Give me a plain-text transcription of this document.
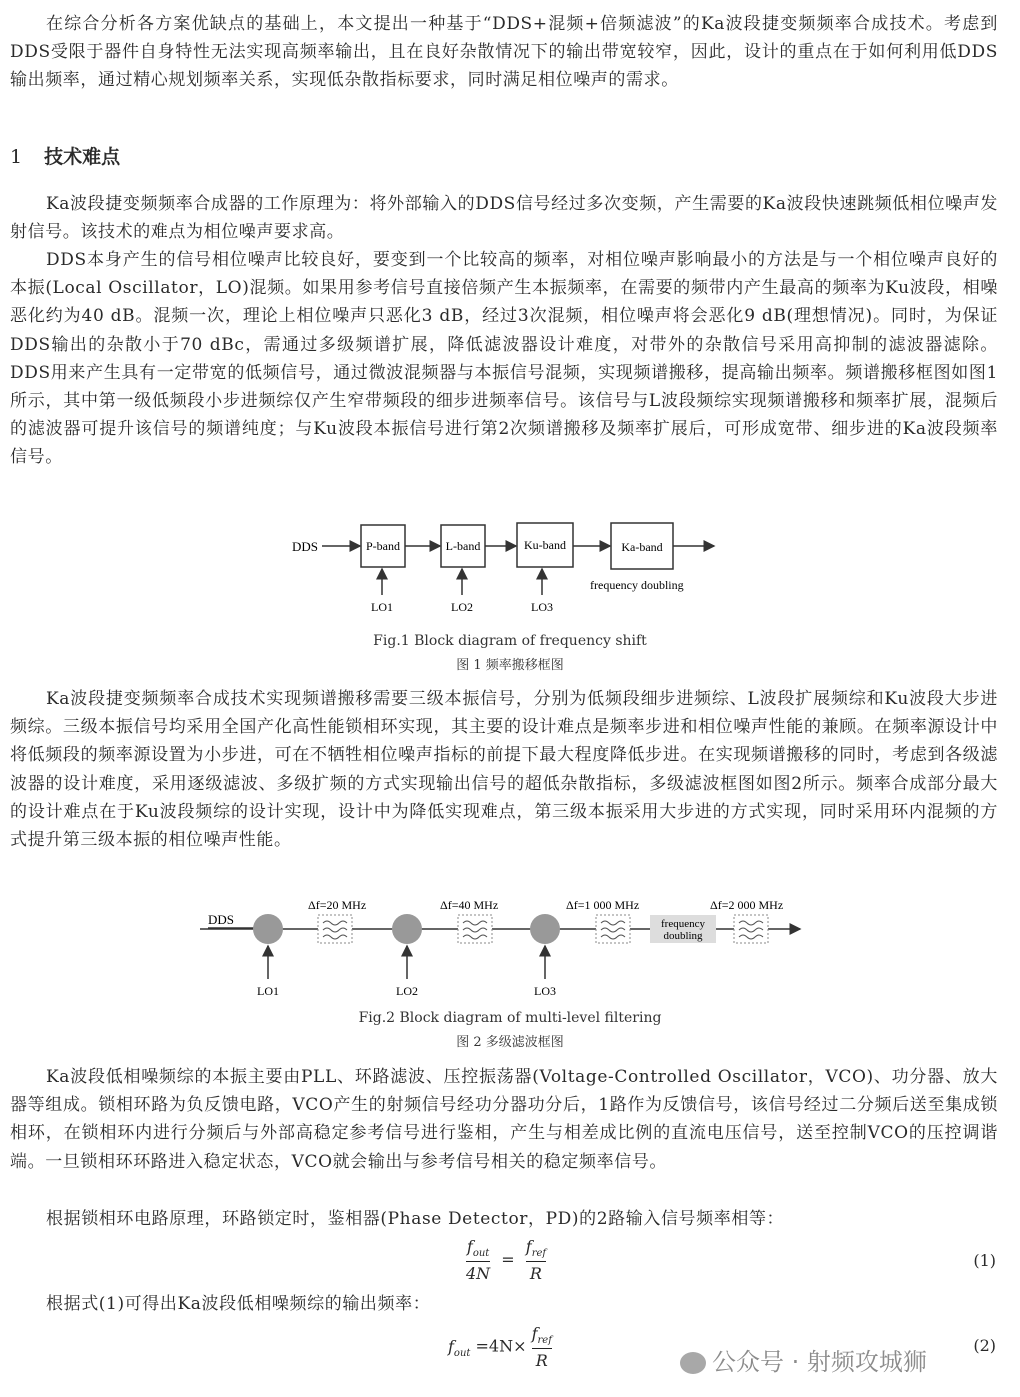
在综合分析各方案优缺点的基础上，本文提出一种基于“DDS+混频+倍频滤波”的Ka波段捷变频频率合成技术。考虑到DDS受限于器件自身特性无法实现高频率输出，且在良好杂散情况下的输出带宽较窄，因此，设计的重点在于如何利用低DDS输出频率，通过精心规划频率关系，实现低杂散指标要求，同时满足相位噪声的需求。

1 技术难点

Ka波段捷变频频率合成器的工作原理为：将外部输入的DDS信号经过多次变频，产生需要的Ka波段快速跳频低相位噪声发射信号。该技术的难点为相位噪声要求高。

DDS本身产生的信号相位噪声比较良好，要变到一个比较高的频率，对相位噪声影响最小的方法是与一个相位噪声良好的本振(Local Oscillator，LO)混频。如果用参考信号直接倍频产生本振频率，在需要的频带内产生最高的频率为Ku波段，相噪恶化约为40 dB。混频一次，理论上相位噪声只恶化3 dB，经过3次混频，相位噪声将会恶化9 dB(理想情况)。同时，为保证DDS输出的杂散小于70 dBc，需通过多级频谱扩展，降低滤波器设计难度，对带外的杂散信号采用高抑制的滤波器滤除。DDS用来产生具有一定带宽的低频信号，通过微波混频器与本振信号混频，实现频谱搬移，提高输出频率。频谱搬移框图如图1所示，其中第一级低频段小步进频综仅产生窄带频段的细步进频率信号。该信号与L波段频综实现频谱搬移和频率扩展，混频后的滤波器可提升该信号的频谱纯度；与Ku波段本振信号进行第2次频谱搬移及频率扩展后，可形成宽带、细步进的Ka波段频率信号。

DDS	P-band	L-band	Ku-band	Ka-band
frequency doubling
LO1	LO2	LO3
Fig.1 Block diagram of frequency shift
图 1 频率搬移框图

Ka波段捷变频频率合成技术实现频谱搬移需要三级本振信号，分别为低频段细步进频综、L波段扩展频综和Ku波段大步进频综。三级本振信号均采用全国产化高性能锁相环实现，其主要的设计难点是频率步进和相位噪声性能的兼顾。在频率源设计中将低频段的频率源设置为小步进，可在不牺牲相位噪声指标的前提下最大程度降低步进。在实现频谱搬移的同时，考虑到各级滤波器的设计难度，采用逐级滤波、多级扩频的方式实现输出信号的超低杂散指标，多级滤波框图如图2所示。频率合成部分最大的设计难点在于Ku波段频综的设计实现，设计中为降低实现难点，第三级本振采用大步进的方式实现，同时采用环内混频的方式提升第三级本振的相位噪声性能。

DDS	frequency
doubling
Δf=20 MHz	Δf=40 MHz	Δf=1 000 MHz	Δf=2 000 MHz
LO1	LO2	LO3
Fig.2 Block diagram of multi-level filtering
图 2 多级滤波框图

Ka波段低相噪频综的本振主要由PLL、环路滤波、压控振荡器(Voltage-Controlled Oscillator，VCO)、功分器、放大器等组成。锁相环路为负反馈电路，VCO产生的射频信号经功分器功分后，1路作为反馈信号，该信号经过二分频后送至集成锁相环，在锁相环内进行分频后与外部高稳定参考信号进行鉴相，产生与相差成比例的直流电压信号，送至控制VCO的压控调谐端。一旦锁相环环路进入稳定状态，VCO就会输出与参考信号相关的稳定频率信号。

根据锁相环电路原理，环路锁定时，鉴相器(Phase Detector，PD)的2路输入信号频率相等：

$\frac{f_{out}}{4N} = \frac{f_{ref}}{R}$	(1)

根据式(1)可得出Ka波段低相噪频综的输出频率：

$f_{out} =4N\times \frac{f_{ref}}{R}$	(2)
公众号 · 射频攻城狮
